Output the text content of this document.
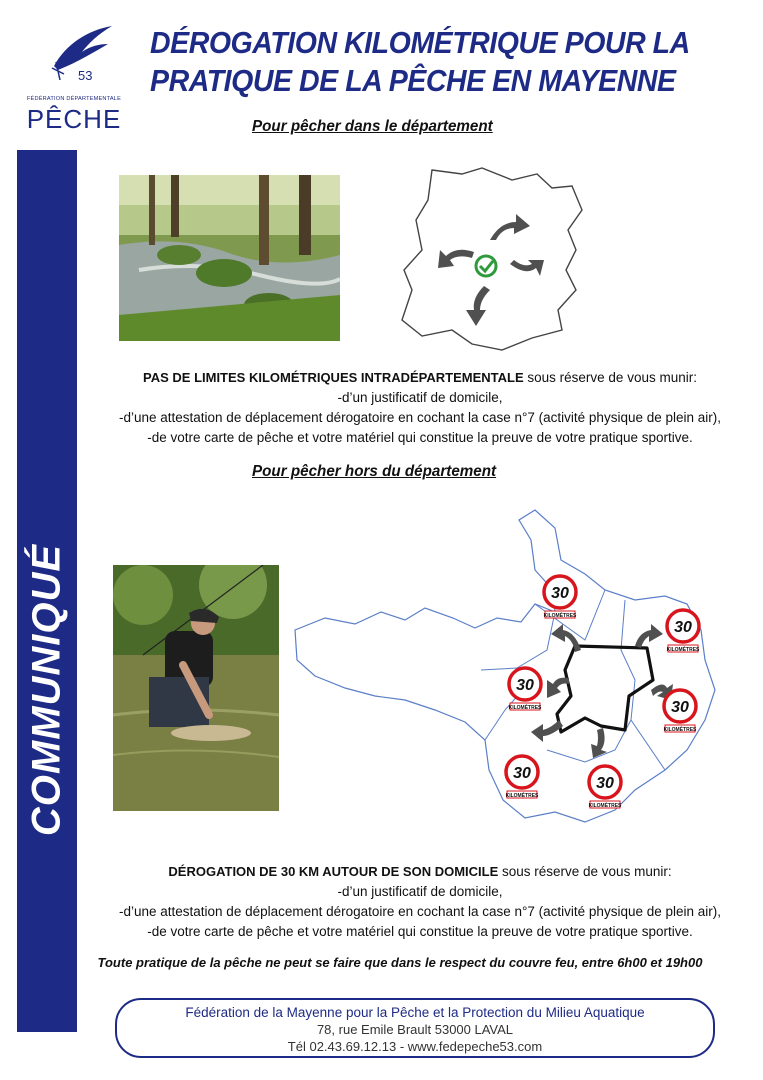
53
FÉDÉRATION DÉPARTEMENTALE
PÊCHE
DÉROGATION KILOMÉTRIQUE POUR LA
PRATIQUE DE LA PÊCHE EN MAYENNE
Pour pêcher dans le département
COMMUNIQUÉ
PAS DE LIMITES KILOMÉTRIQUES INTRADÉPARTEMENTALE sous réserve de vous munir:
-d’un justificatif de domicile,
-d’une attestation de déplacement dérogatoire en cochant la case n°7 (activité physique de plein air),
-de votre carte de pêche et votre matériel qui constitue la preuve de votre pratique sportive.
Pour pêcher hors du département
30
KILOMÈTRES
30
KILOMÈTRES
30
KILOMÈTRES	30
KILOMÈTRES
30
KILOMÈTRES
30
KILOMÈTRES
DÉROGATION DE 30 KM AUTOUR DE SON DOMICILE sous réserve de vous munir:
-d’un justificatif de domicile,
-d’une attestation de déplacement dérogatoire en cochant la case n°7 (activité physique de plein air),
-de votre carte de pêche et votre matériel qui constitue la preuve de votre pratique sportive.
Toute pratique de la pêche ne peut se faire que dans le respect du couvre feu, entre 6h00 et 19h00
Fédération de la Mayenne pour la Pêche et la Protection du Milieu Aquatique
78, rue Emile Brault 53000 LAVAL
Tél 02.43.69.12.13 - www.fedepeche53.com
